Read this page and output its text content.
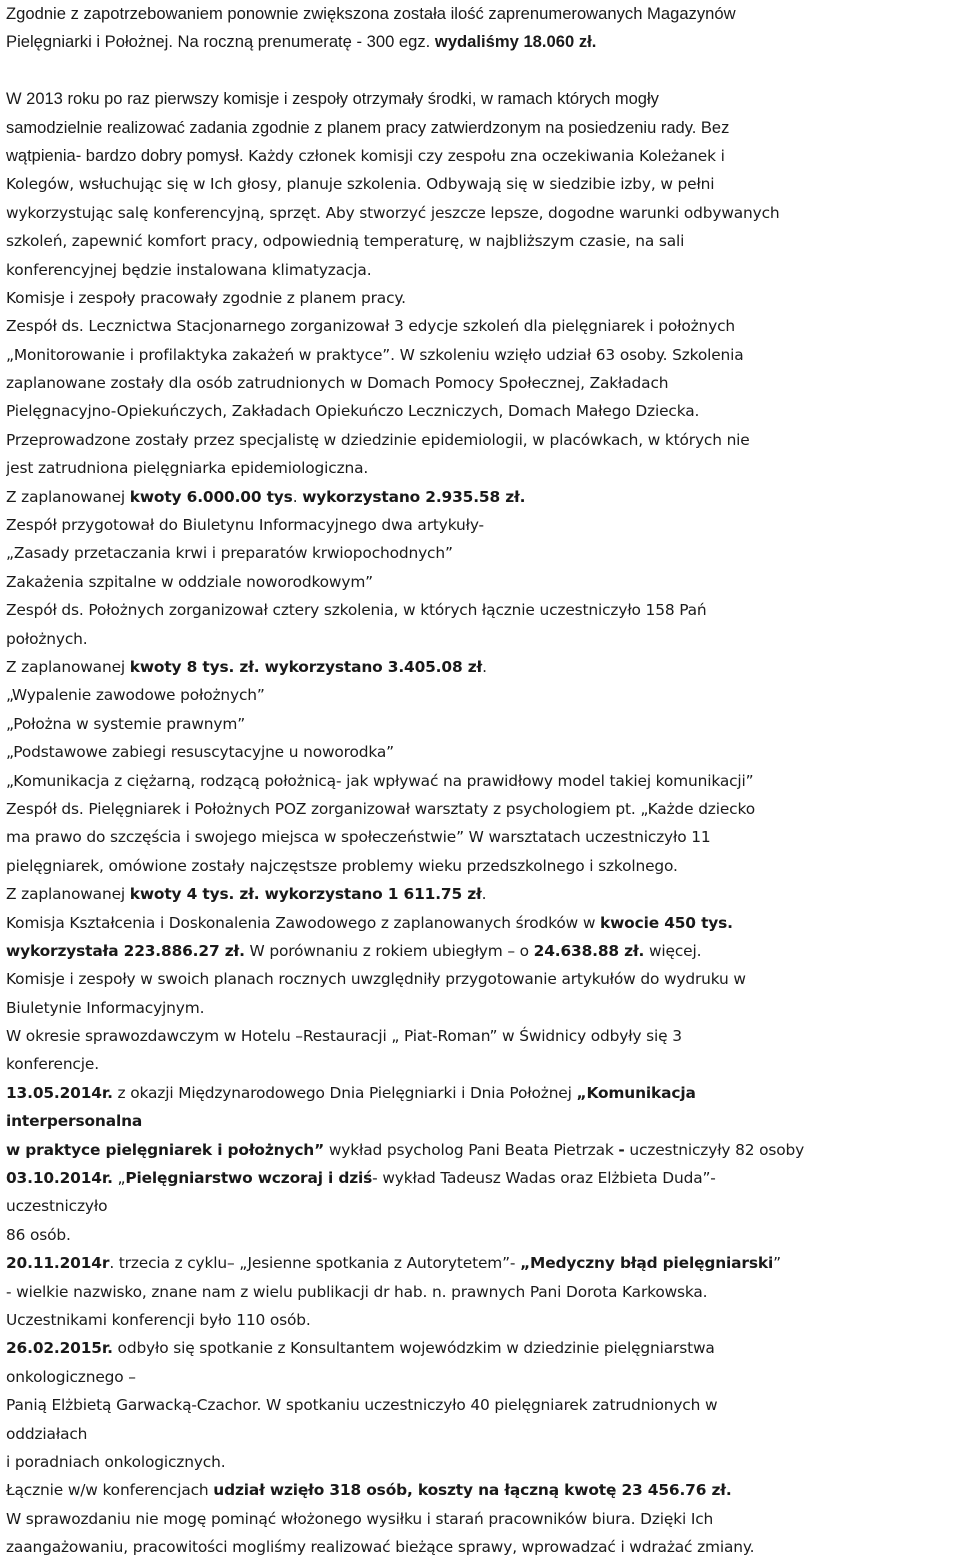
Zgodnie z zapotrzebowaniem ponownie zwiększona została ilość zaprenumerowanych Magazynów
Pielęgniarki i Położnej. Na roczną prenumeratę - 300 egz. wydaliśmy 18.060 zł.
W 2013 roku po raz pierwszy komisje i zespoły otrzymały środki, w ramach których mogły
samodzielnie realizować zadania zgodnie z planem pracy zatwierdzonym na posiedzeniu rady. Bez
wątpienia- bardzo dobry pomysł. Każdy członek komisji czy zespołu zna oczekiwania Koleżanek i
Kolegów, wsłuchując się w Ich głosy, planuje szkolenia. Odbywają się w siedzibie izby, w pełni
wykorzystując salę konferencyjną, sprzęt. Aby stworzyć jeszcze lepsze, dogodne warunki odbywanych
szkoleń, zapewnić komfort pracy, odpowiednią temperaturę, w najbliższym czasie, na sali
konferencyjnej będzie instalowana klimatyzacja.
Komisje i zespoły pracowały zgodnie z planem pracy.
Zespół ds. Lecznictwa Stacjonarnego zorganizował 3 edycje szkoleń dla pielęgniarek i położnych
„Monitorowanie i profilaktyka zakażeń w praktyce”. W szkoleniu wzięło udział 63 osoby. Szkolenia
zaplanowane zostały dla osób zatrudnionych w Domach Pomocy Społecznej, Zakładach
Pielęgnacyjno-Opiekuńczych, Zakładach Opiekuńczo Leczniczych, Domach Małego Dziecka.
Przeprowadzone zostały przez specjalistę w dziedzinie epidemiologii, w placówkach, w których nie
jest zatrudniona pielęgniarka epidemiologiczna.
Z zaplanowanej kwoty 6.000.00 tys. wykorzystano 2.935.58 zł.
Zespół przygotował do Biuletynu Informacyjnego dwa artykuły-
„Zasady przetaczania krwi i preparatów krwiopochodnych”
Zakażenia szpitalne w oddziale noworodkowym”
Zespół ds. Położnych zorganizował cztery szkolenia, w których łącznie uczestniczyło 158 Pań
położnych.
Z zaplanowanej kwoty 8 tys. zł. wykorzystano 3.405.08 zł.
„Wypalenie zawodowe położnych”
„Położna w systemie prawnym”
„Podstawowe zabiegi resuscytacyjne u noworodka”
„Komunikacja z ciężarną, rodzącą położnicą- jak wpływać na prawidłowy model takiej komunikacji”
Zespół ds. Pielęgniarek i Położnych POZ zorganizował warsztaty z psychologiem pt. „Każde dziecko
ma prawo do szczęścia i swojego miejsca w społeczeństwie” W warsztatach uczestniczyło 11
pielęgniarek, omówione zostały najczęstsze problemy wieku przedszkolnego i szkolnego.
Z zaplanowanej kwoty 4 tys. zł. wykorzystano 1 611.75 zł.
Komisja Kształcenia i Doskonalenia Zawodowego z zaplanowanych środków w kwocie 450 tys.
wykorzystała 223.886.27 zł. W porównaniu z rokiem ubiegłym – o 24.638.88 zł. więcej.
Komisje i zespoły w swoich planach rocznych uwzględniły przygotowanie artykułów do wydruku w
Biuletynie Informacyjnym.
W okresie sprawozdawczym w Hotelu –Restauracji „ Piat-Roman” w Świdnicy odbyły się 3
konferencje.
13.05.2014r. z okazji Międzynarodowego Dnia Pielęgniarki i Dnia Położnej „Komunikacja
interpersonalna
w praktyce pielęgniarek i położnych” wykład psycholog Pani Beata Pietrzak - uczestniczyły 82 osoby
03.10.2014r. „Pielęgniarstwo wczoraj i dziś- wykład Tadeusz Wadas oraz Elżbieta Duda”-
uczestniczyło
86 osób.
20.11.2014r. trzecia z cyklu– „Jesienne spotkania z Autorytetem”- „Medyczny błąd pielęgniarski”
- wielkie nazwisko, znane nam z wielu publikacji dr hab. n. prawnych Pani Dorota Karkowska.
Uczestnikami konferencji było 110 osób.
26.02.2015r. odbyło się spotkanie z Konsultantem wojewódzkim w dziedzinie pielęgniarstwa
onkologicznego –
Panią Elżbietą Garwacką-Czachor. W spotkaniu uczestniczyło 40 pielęgniarek zatrudnionych w
oddziałach
i poradniach onkologicznych.
Łącznie w/w konferencjach udział wzięło 318 osób, koszty na łączną kwotę 23 456.76 zł.
W sprawozdaniu nie mogę pominąć włożonego wysiłku i starań pracowników biura. Dzięki Ich
zaangażowaniu, pracowitości mogliśmy realizować bieżące sprawy, wprowadzać i wdrażać zmiany.
